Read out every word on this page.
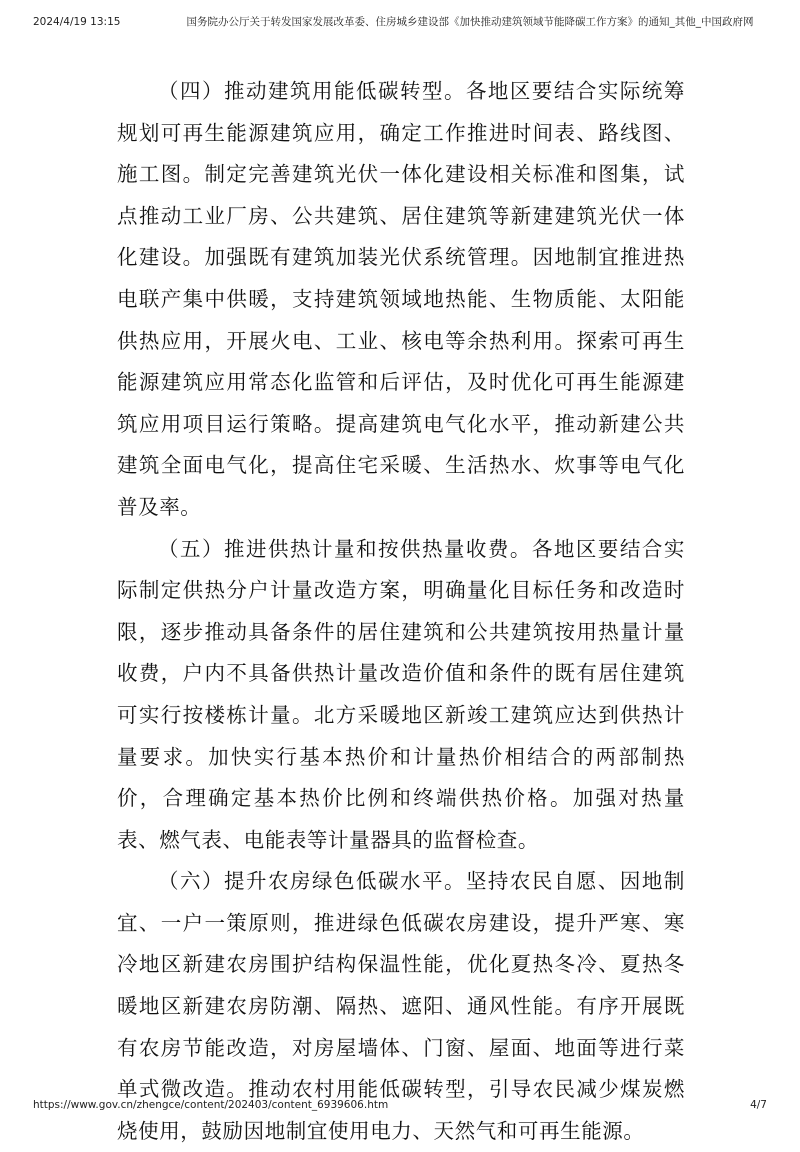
2024/4/19 13:15	国务院办公厅关于转发国家发展改革委、住房城乡建设部《加快推动建筑领域节能降碳工作方案》的通知_其他_中国政府网

（四）推动建筑用能低碳转型。各地区要结合实际统筹规划可再生能源建筑应用，确定工作推进时间表、路线图、施工图。制定完善建筑光伏一体化建设相关标准和图集，试点推动工业厂房、公共建筑、居住建筑等新建建筑光伏一体化建设。加强既有建筑加装光伏系统管理。因地制宜推进热电联产集中供暖，支持建筑领域地热能、生物质能、太阳能供热应用，开展火电、工业、核电等余热利用。探索可再生能源建筑应用常态化监管和后评估，及时优化可再生能源建筑应用项目运行策略。提高建筑电气化水平，推动新建公共建筑全面电气化，提高住宅采暖、生活热水、炊事等电气化普及率。

（五）推进供热计量和按供热量收费。各地区要结合实际制定供热分户计量改造方案，明确量化目标任务和改造时限，逐步推动具备条件的居住建筑和公共建筑按用热量计量收费，户内不具备供热计量改造价值和条件的既有居住建筑可实行按楼栋计量。北方采暖地区新竣工建筑应达到供热计量要求。加快实行基本热价和计量热价相结合的两部制热价，合理确定基本热价比例和终端供热价格。加强对热量表、燃气表、电能表等计量器具的监督检查。

（六）提升农房绿色低碳水平。坚持农民自愿、因地制宜、一户一策原则，推进绿色低碳农房建设，提升严寒、寒冷地区新建农房围护结构保温性能，优化夏热冬冷、夏热冬暖地区新建农房防潮、隔热、遮阳、通风性能。有序开展既有农房节能改造，对房屋墙体、门窗、屋面、地面等进行菜单式微改造。推动农村用能低碳转型，引导农民减少煤炭燃烧使用，鼓励因地制宜使用电力、天然气和可再生能源。

https://www.gov.cn/zhengce/content/202403/content_6939606.htm	4/7
